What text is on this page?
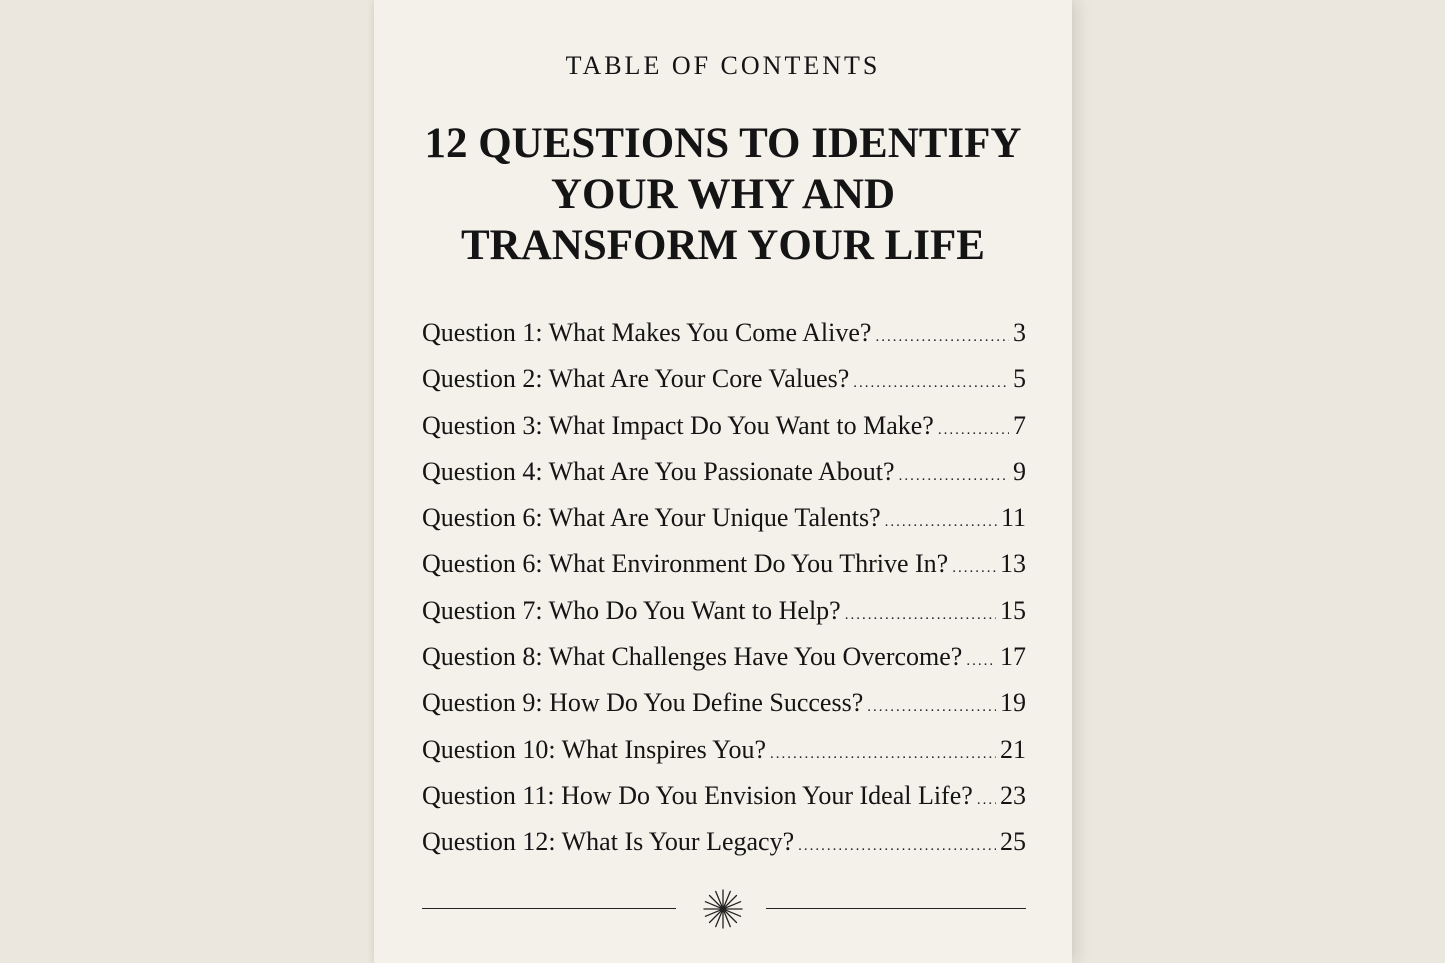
TABLE OF CONTENTS
12 QUESTIONS TO IDENTIFY
YOUR WHY AND
TRANSFORM YOUR LIFE
Question 1: What Makes You Come Alive? .....	3
Question 2: What Are Your Core Values? .....	5
Question 3: What Impact Do You Want to Make? .....	7
Question 4: What Are You Passionate About? .....	9
Question 6: What Are Your Unique Talents? .....	11
Question 6: What Environment Do You Thrive In? ..... 13
Question 7: Who Do You Want to Help? .....	15
Question 8: What Challenges Have You Overcome? ..... 17
Question 9: How Do You Define Success? .....	19
Question 10: What Inspires You? .....	21
Question 11: How Do You Envision Your Ideal Life? ..... 23
Question 12: What Is Your Legacy? .....	25
